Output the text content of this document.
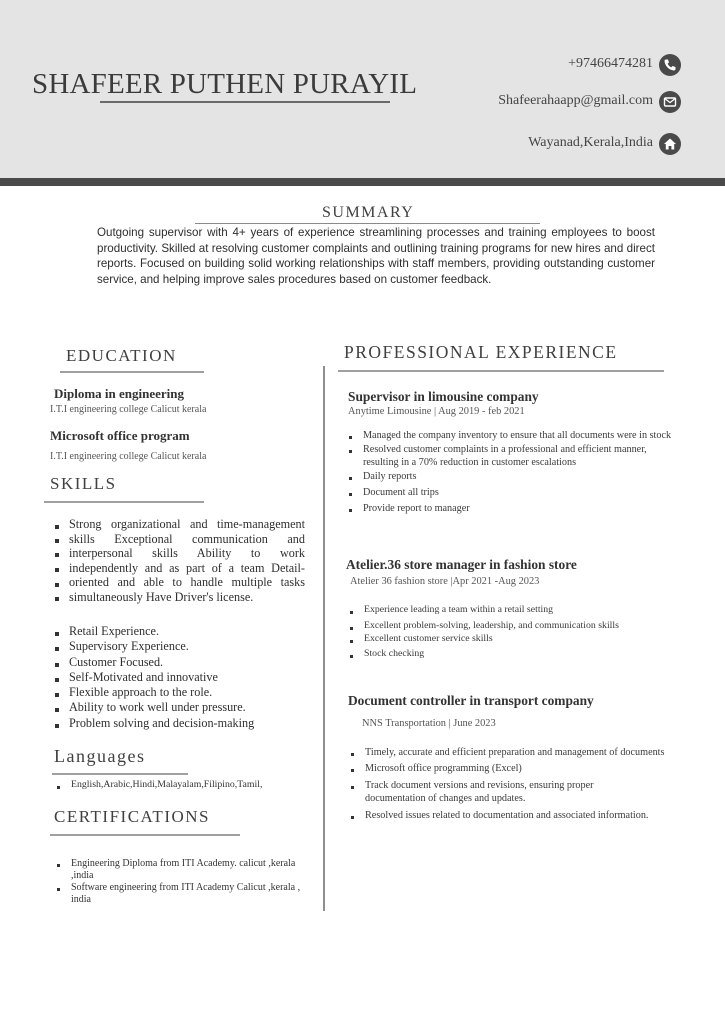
SHAFEER PUTHEN PURAYIL
+97466474281
Shafeerahaapp@gmail.com
Wayanad,Kerala,India
SUMMARY
Outgoing supervisor with 4+ years of experience streamlining processes and training employees to boost productivity. Skilled at resolving customer complaints and outlining training programs for new hires and direct reports. Focused on building solid working relationships with staff members, providing outstanding customer service, and helping improve sales procedures based on customer feedback.
EDUCATION
Diploma in engineering
I.T.I engineering college Calicut kerala
Microsoft office program
I.T.I engineering college Calicut kerala
SKILLS
Strong organizational and time-management skills Exceptional communication and interpersonal skills Ability to work independently and as part of a team Detail-oriented and able to handle multiple tasks simultaneously Have Driver's license.
Retail Experience.
Supervisory Experience.
Customer Focused.
Self-Motivated and innovative
Flexible approach to the role.
Ability to work well under pressure.
Problem solving and decision-making
Languages
English,Arabic,Hindi,Malayalam,Filipino,Tamil,
CERTIFICATIONS
Engineering Diploma from ITI Academy. calicut ,kerala ,india
Software engineering from ITI Academy Calicut ,kerala , india
PROFESSIONAL EXPERIENCE
Supervisor in limousine company
Anytime Limousine | Aug 2019 - feb 2021
Managed the company inventory to ensure that all documents were in stock
Resolved customer complaints in a professional and efficient manner, resulting in a 70% reduction in customer escalations
Daily reports
Document all trips
Provide report to manager
Atelier.36 store manager in fashion store
Atelier 36 fashion store |Apr 2021 -Aug 2023
Experience leading a team within a retail setting
Excellent problem-solving, leadership, and communication skills
Excellent customer service skills
Stock checking
Document controller in transport company
NNS Transportation | June 2023
Timely, accurate and efficient preparation and management of documents
Microsoft office programming (Excel)
Track document versions and revisions, ensuring proper documentation of changes and updates.
Resolved issues related to documentation and associated information.
